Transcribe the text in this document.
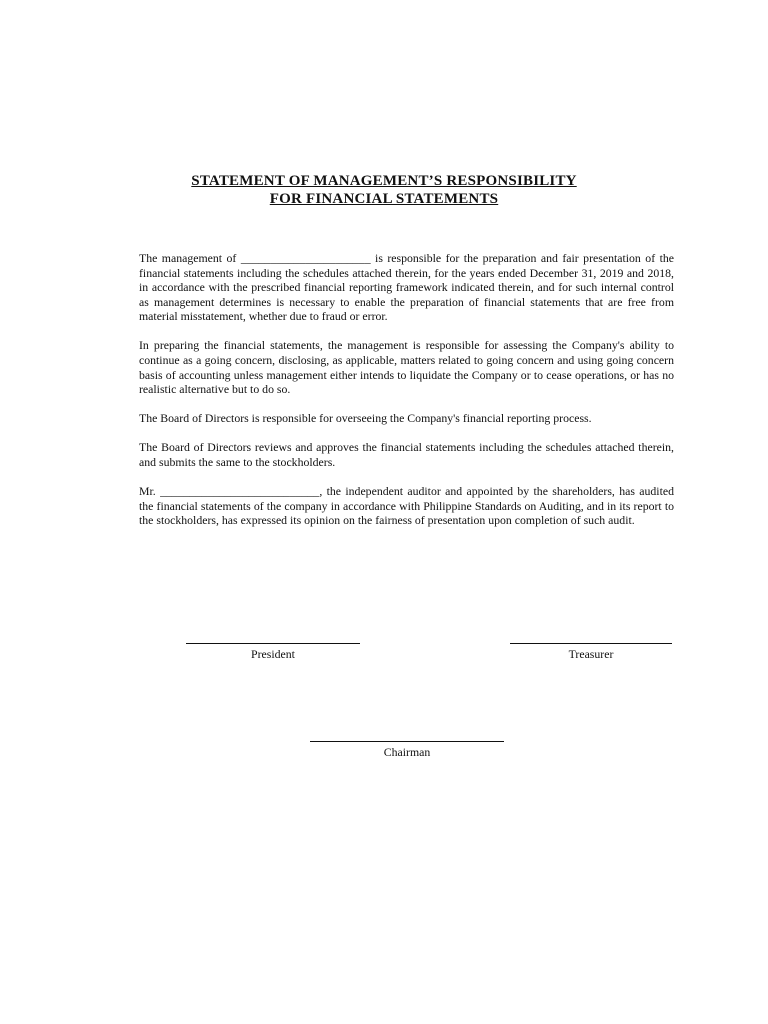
STATEMENT OF MANAGEMENT’S RESPONSIBILITY
FOR FINANCIAL STATEMENTS

The management of ______________________ is responsible for the preparation and fair presentation of the financial statements including the schedules attached therein, for the years ended December 31, 2019 and 2018, in accordance with the prescribed financial reporting framework indicated therein, and for such internal control as management determines is necessary to enable the preparation of financial statements that are free from material misstatement, whether due to fraud or error.

In preparing the financial statements, the management is responsible for assessing the Company's ability to continue as a going concern, disclosing, as applicable, matters related to going concern and using going concern basis of accounting unless management either intends to liquidate the Company or to cease operations, or has no realistic alternative but to do so.

The Board of Directors is responsible for overseeing the Company's financial reporting process.

The Board of Directors reviews and approves the financial statements including the schedules attached therein, and submits the same to the stockholders.

Mr. ___________________________, the independent auditor and appointed by the shareholders, has audited the financial statements of the company in accordance with Philippine Standards on Auditing, and in its report to the stockholders, has expressed its opinion on the fairness of presentation upon completion of such audit.

President	Treasurer
Chairman
